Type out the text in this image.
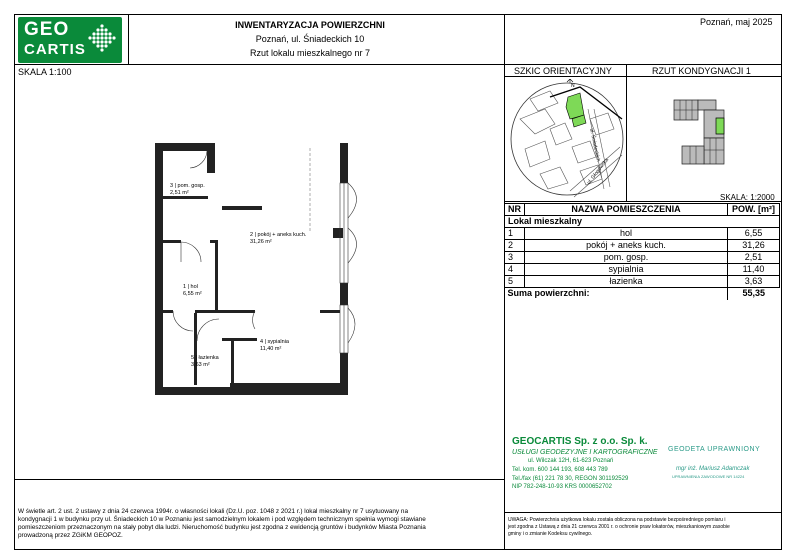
GEO
CARTIS
INWENTARYZACJA POWIERZCHNI
Poznań, ul. Śniadeckich 10
Rzut lokalu mieszkalnego nr 7
Poznań, maj 2025
SKALA 1:100	SZKIC ORIENTACYJNY	RZUT KONDYGNACJI 1
N
ul. Śniadeckich
ul. Głogowska
SKALA: 1:2000
NR	NAZWA POMIESZCZENIA	POW. [m²]
Lokal mieszkalny		
1	hol	6,55
2	pokój + aneks kuch.	31,26
3	pom. gosp.	2,51
4	sypialnia	11,40
5	łazienka	3,63
Suma powierzchni:		55,35
3 | pom. gosp.
2,51 m²
2 | pokój + aneks kuch.
31,26 m²
1 | hol
6,55 m²
4 | sypialnia
11,40 m²
5 | łazienka
3,63 m²
GEOCARTIS Sp. z o.o. Sp. k.
USŁUGI GEODEZYJNE I KARTOGRAFICZNE
ul. Wilczak 12H, 61-623 Poznań
Tel. kom. 600 144 193, 608 443 789
Tel./fax (61) 221 78 30, REGON 301192529
NIP 782-248-10-93 KRS 0000652702
GEODETA UPRAWNIONY
mgr inż. Mariusz Adamczak
UPRAWNIENIA ZAWODOWE NR 14224
W świetle art. 2 ust. 2 ustawy z dnia 24 czerwca 1994r. o własności lokali (Dz.U. poz. 1048 z 2021 r.) lokal mieszkalny nr 7 usytuowany na
kondygnacji 1 w budynku przy ul. Śniadeckich 10 w Poznaniu jest samodzielnym lokalem i pod względem technicznym spełnia wymogi stawiane
pomieszczeniom przeznaczonym na stały pobyt dla ludzi. Nieruchomość budynku jest zgodna z ewidencją gruntów i budynków Miasta Poznania
prowadzoną przez ZGiKM GEOPOZ.
UWAGA: Powierzchnia użytkowa lokalu została obliczona na podstawie bezpośredniego pomiaru i
jest zgodna z Ustawą z dnia 21 czerwca 2001 r. o ochronie praw lokatorów, mieszkaniowym zasobie
gminy i o zmianie Kodeksu cywilnego.
